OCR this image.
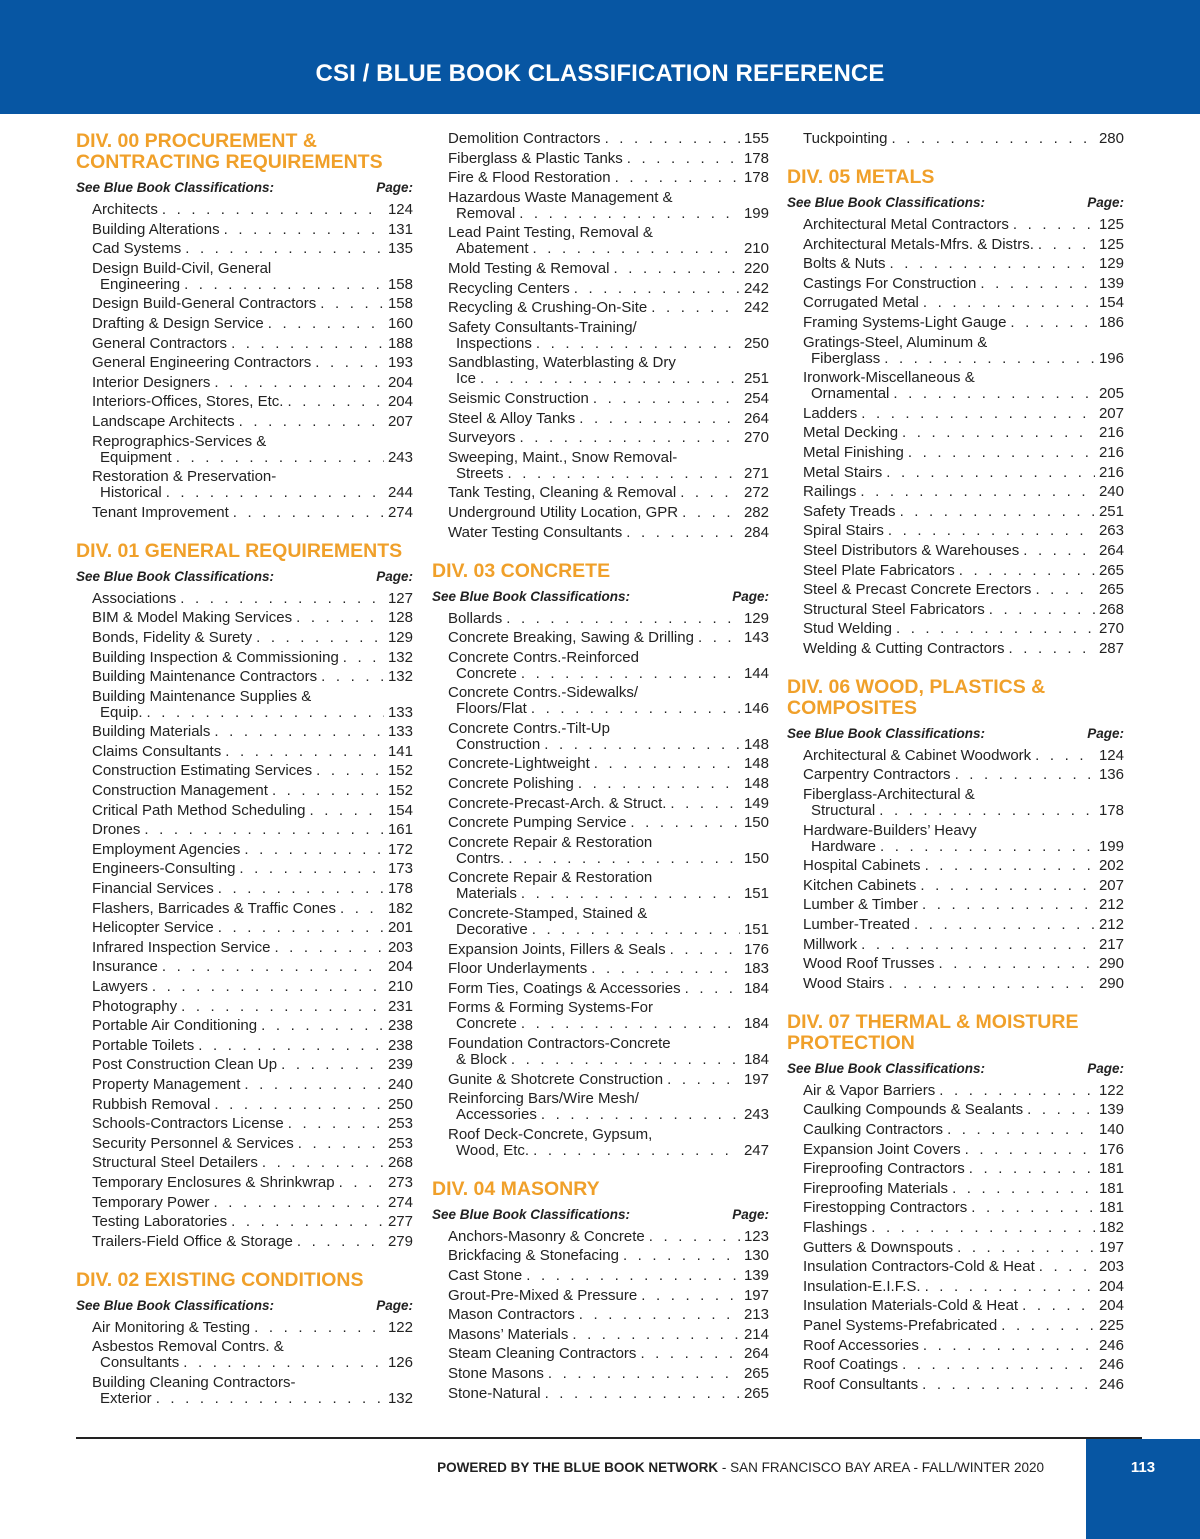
CSI / BLUE BOOK CLASSIFICATION REFERENCE
DIV. 00 PROCUREMENT & CONTRACTING REQUIREMENTS
See Blue Book Classifications:	Page:
Architects . . .	124
Building Alterations . . .	131
Cad Systems . . .	135
Design Build-Civil, General
Engineering . . .	158
Design Build-General Contractors . . .	158
Drafting & Design Service . . .	160
General Contractors . . .	188
General Engineering Contractors . . .	193
Interior Designers . . .	204
Interiors-Offices, Stores, Etc. . . .	204
Landscape Architects . . .	207
Reprographics-Services &
Equipment . . .	243
Restoration & Preservation-
Historical . . .	244
Tenant Improvement . . .	274
DIV. 01 GENERAL REQUIREMENTS
See Blue Book Classifications:	Page:
Associations . . .	127
BIM & Model Making Services . . .	128
Bonds, Fidelity & Surety . . .	129
Building Inspection & Commissioning . . .	132
Building Maintenance Contractors . . .	132
Building Maintenance Supplies &
Equip. . . .	133
Building Materials . . .	133
Claims Consultants . . .	141
Construction Estimating Services . . .	152
Construction Management . . .	152
Critical Path Method Scheduling . . .	154
Drones . . .	161
Employment Agencies . . .	172
Engineers-Consulting . . .	173
Financial Services . . .	178
Flashers, Barricades & Traffic Cones . . .	182
Helicopter Service . . .	201
Infrared Inspection Service . . .	203
Insurance . . .	204
Lawyers . . .	210
Photography . . .	231
Portable Air Conditioning . . .	238
Portable Toilets . . .	238
Post Construction Clean Up . . .	239
Property Management . . .	240
Rubbish Removal . . .	250
Schools-Contractors License . . .	253
Security Personnel & Services . . .	253
Structural Steel Detailers . . .	268
Temporary Enclosures & Shrinkwrap . . .	273
Temporary Power . . .	274
Testing Laboratories . . .	277
Trailers-Field Office & Storage . . .	279
DIV. 02 EXISTING CONDITIONS
See Blue Book Classifications:	Page:
Air Monitoring & Testing . . .	122
Asbestos Removal Contrs. &
Consultants . . .	126
Building Cleaning Contractors-
Exterior . . .	132
Demolition Contractors . . .	155
Fiberglass & Plastic Tanks . . .	178
Fire & Flood Restoration . . .	178
Hazardous Waste Management &
Removal . . .	199
Lead Paint Testing, Removal &
Abatement . . .	210
Mold Testing & Removal . . .	220
Recycling Centers . . .	242
Recycling & Crushing-On-Site . . .	242
Safety Consultants-Training/
Inspections . . .	250
Sandblasting, Waterblasting & Dry
Ice . . .	251
Seismic Construction . . .	254
Steel & Alloy Tanks . . .	264
Surveyors . . .	270
Sweeping, Maint., Snow Removal-
Streets . . .	271
Tank Testing, Cleaning & Removal . . .	272
Underground Utility Location, GPR . . .	282
Water Testing Consultants . . .	284
DIV. 03 CONCRETE
See Blue Book Classifications:	Page:
Bollards . . .	129
Concrete Breaking, Sawing & Drilling . . .	143
Concrete Contrs.-Reinforced
Concrete . . .	144
Concrete Contrs.-Sidewalks/
Floors/Flat . . .	146
Concrete Contrs.-Tilt-Up
Construction . . .	148
Concrete-Lightweight . . .	148
Concrete Polishing . . .	148
Concrete-Precast-Arch. & Struct. . . .	149
Concrete Pumping Service . . .	150
Concrete Repair & Restoration
Contrs. . . .	150
Concrete Repair & Restoration
Materials . . .	151
Concrete-Stamped, Stained &
Decorative . . .	151
Expansion Joints, Fillers & Seals . . .	176
Floor Underlayments . . .	183
Form Ties, Coatings & Accessories . . .	184
Forms & Forming Systems-For
Concrete . . .	184
Foundation Contractors-Concrete
& Block . . .	184
Gunite & Shotcrete Construction . . .	197
Reinforcing Bars/Wire Mesh/
Accessories . . .	243
Roof Deck-Concrete, Gypsum,
Wood, Etc. . . .	247
DIV. 04 MASONRY
See Blue Book Classifications:	Page:
Anchors-Masonry & Concrete . . .	123
Brickfacing & Stonefacing . . .	130
Cast Stone . . .	139
Grout-Pre-Mixed & Pressure . . .	197
Mason Contractors . . .	213
Masons’ Materials . . .	214
Steam Cleaning Contractors . . .	264
Stone Masons . . .	265
Stone-Natural . . .	265
Tuckpointing . . .	280
DIV. 05 METALS
See Blue Book Classifications:	Page:
Architectural Metal Contractors . . .	125
Architectural Metals-Mfrs. & Distrs. . . .	125
Bolts & Nuts . . .	129
Castings For Construction . . .	139
Corrugated Metal . . .	154
Framing Systems-Light Gauge . . .	186
Gratings-Steel, Aluminum &
Fiberglass . . .	196
Ironwork-Miscellaneous &
Ornamental . . .	205
Ladders . . .	207
Metal Decking . . .	216
Metal Finishing . . .	216
Metal Stairs . . .	216
Railings . . .	240
Safety Treads . . .	251
Spiral Stairs . . .	263
Steel Distributors & Warehouses . . .	264
Steel Plate Fabricators . . .	265
Steel & Precast Concrete Erectors . . .	265
Structural Steel Fabricators . . .	268
Stud Welding . . .	270
Welding & Cutting Contractors . . .	287
DIV. 06 WOOD, PLASTICS & COMPOSITES
See Blue Book Classifications:	Page:
Architectural & Cabinet Woodwork . . .	124
Carpentry Contractors . . .	136
Fiberglass-Architectural &
Structural . . .	178
Hardware-Builders’ Heavy
Hardware . . .	199
Hospital Cabinets . . .	202
Kitchen Cabinets . . .	207
Lumber & Timber . . .	212
Lumber-Treated . . .	212
Millwork . . .	217
Wood Roof Trusses . . .	290
Wood Stairs . . .	290
DIV. 07 THERMAL & MOISTURE PROTECTION
See Blue Book Classifications:	Page:
Air & Vapor Barriers . . .	122
Caulking Compounds & Sealants . . .	139
Caulking Contractors . . .	140
Expansion Joint Covers . . .	176
Fireproofing Contractors . . .	181
Fireproofing Materials . . .	181
Firestopping Contractors . . .	181
Flashings . . .	182
Gutters & Downspouts . . .	197
Insulation Contractors-Cold & Heat . . .	203
Insulation-E.I.F.S. . . .	204
Insulation Materials-Cold & Heat . . .	204
Panel Systems-Prefabricated . . .	225
Roof Accessories . . .	246
Roof Coatings . . .	246
Roof Consultants . . .	246
POWERED BY THE BLUE BOOK NETWORK - SAN FRANCISCO BAY AREA - FALL/WINTER 2020	113
